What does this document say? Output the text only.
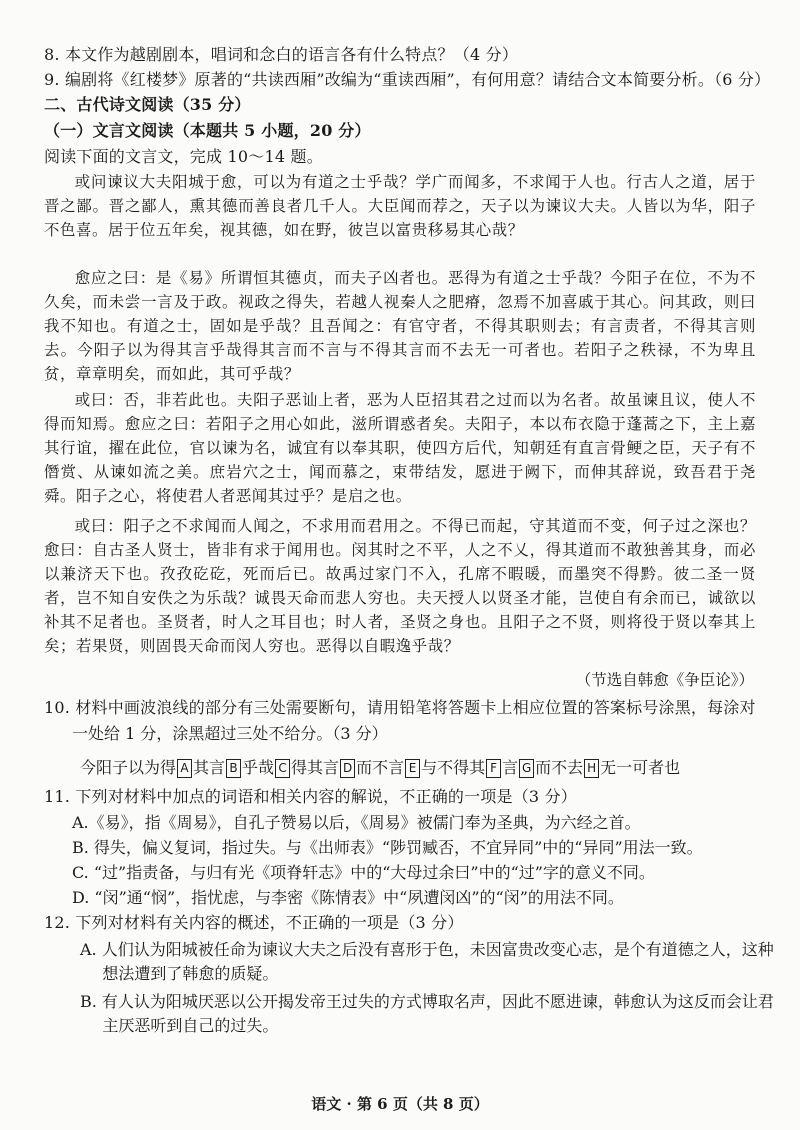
8. 本文作为越剧剧本，唱词和念白的语言各有什么特点？（4 分）
9. 编剧将《红楼梦》原著的“共读西厢”改编为“重读西厢”，有何用意？请结合文本简要分析。（6 分）
二、古代诗文阅读（35 分）
（一）文言文阅读（本题共 5 小题，20 分）
阅读下面的文言文，完成 10～14 题。

或问谏议大夫阳城于愈，可以为有道之士乎哉？学广而闻多，不求闻于人也。行古人之道，居于晋之鄙。晋之鄙人，熏其德而善良者几千人。大臣闻而荐之，天子以为谏议大夫。人皆以为华，阳子不色喜。居于位五年矣，视其德，如在野，彼岂以富贵移易其心哉？

愈应之曰：是《易》所谓恒其德贞，而夫子凶者也。恶得为有道之士乎哉？今阳子在位，不为不久矣，而未尝一言及于政。视政之得失，若越人视秦人之肥瘠，忽焉不加喜戚于其心。问其政，则曰我不知也。有道之士，固如是乎哉？且吾闻之：有官守者，不得其职则去；有言责者，不得其言则去。今阳子以为得其言乎哉得其言而不言与不得其言而不去无一可者也。若阳子之秩禄，不为卑且贫，章章明矣，而如此，其可乎哉？

或曰：否，非若此也。夫阳子恶讪上者，恶为人臣招其君之过而以为名者。故虽谏且议，使人不得而知焉。愈应之曰：若阳子之用心如此，滋所谓惑者矣。夫阳子，本以布衣隐于蓬蒿之下，主上嘉其行谊，擢在此位，官以谏为名，诚宜有以奉其职，使四方后代，知朝廷有直言骨鲠之臣，天子有不僭赏、从谏如流之美。庶岩穴之士，闻而慕之，束带结发，愿进于阙下，而伸其辞说，致吾君于尧舜。阳子之心，将使君人者恶闻其过乎？是启之也。

或曰：阳子之不求闻而人闻之，不求用而君用之。不得已而起，守其道而不变，何子过之深也？愈曰：自古圣人贤士，皆非有求于闻用也。闵其时之不平，人之不乂，得其道而不敢独善其身，而必以兼济天下也。孜孜矻矻，死而后已。故禹过家门不入，孔席不暇暖，而墨突不得黔。彼二圣一贤者，岂不知自安佚之为乐哉？诚畏天命而悲人穷也。夫天授人以贤圣才能，岂使自有余而已，诚欲以补其不足者也。圣贤者，时人之耳目也；时人者，圣贤之身也。且阳子之不贤，则将役于贤以奉其上矣；若果贤，则固畏天命而闵人穷也。恶得以自暇逸乎哉？

（节选自韩愈《争臣论》）
10. 材料中画波浪线的部分有三处需要断句，请用铅笔将答题卡上相应位置的答案标号涂黑，每涂对
一处给 1 分，涂黑超过三处不给分。（3 分）
今阳子以为得 A 其言 B 乎哉 C 得其言 D 而不言 E 与不得其 F 言 G 而不去 H 无一可者也
11. 下列对材料中加点的词语和相关内容的解说，不正确的一项是（3 分）
A.《易》，指《周易》，自孔子赞易以后，《周易》被儒门奉为圣典，为六经之首。
B. 得失，偏义复词，指过失。与《出师表》“陟罚臧否，不宜异同”中的“异同”用法一致。
C. “过”指责备，与归有光《项脊轩志》中的“大母过余曰”中的“过”字的意义不同。
D. “闵”通“悯”，指忧虑，与李密《陈情表》中“夙遭闵凶”的“闵”的用法不同。
12. 下列对材料有关内容的概述，不正确的一项是（3 分）
A. 人们认为阳城被任命为谏议大夫之后没有喜形于色，未因富贵改变心志，是个有道德之人，这种想法遭到了韩愈的质疑。
B. 有人认为阳城厌恶以公开揭发帝王过失的方式博取名声，因此不愿进谏，韩愈认为这反而会让君主厌恶听到自己的过失。
语文 · 第 6 页（共 8 页）
